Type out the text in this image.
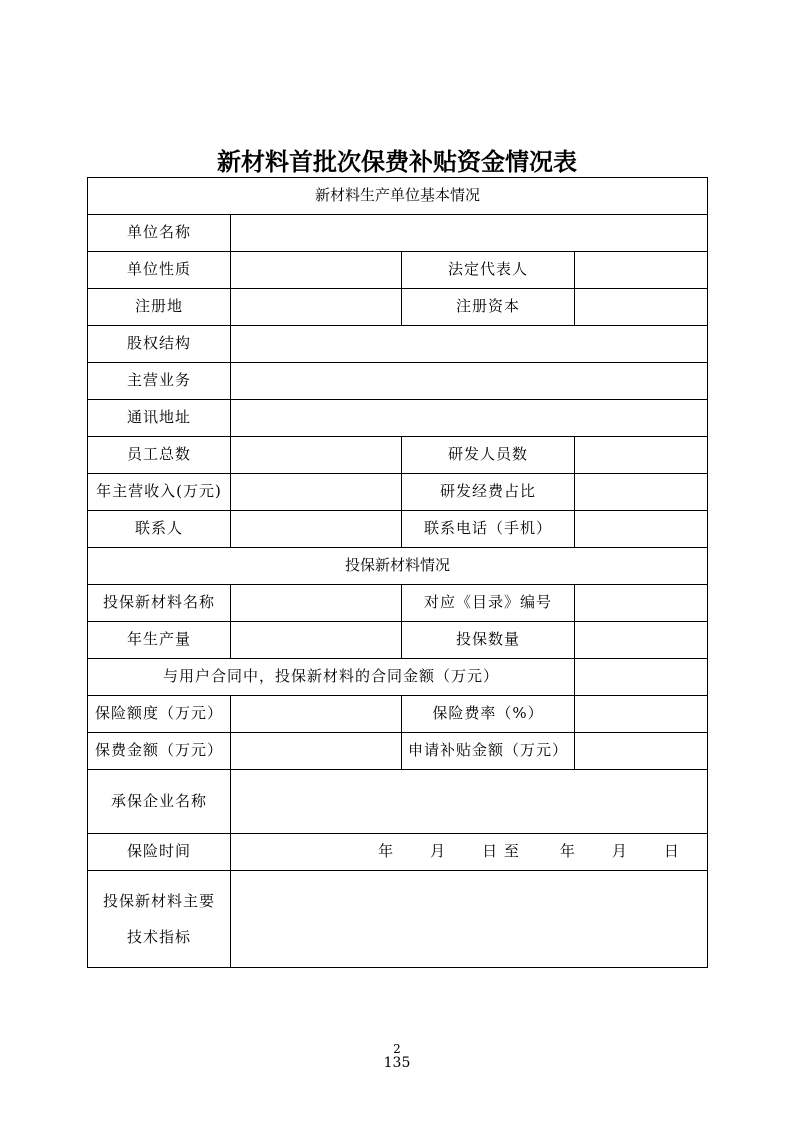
新材料首批次保费补贴资金情况表
新材料生产单位基本情况			
单位名称			
单位性质		法定代表人	
注册地		注册资本	
股权结构			
主营业务			
通讯地址			
员工总数		研发人员数	
年主营收入(万元)		研发经费占比	
联系人		联系电话（手机）	
投保新材料情况			
投保新材料名称		对应《目录》编号	
年生产量		投保数量	
与用户合同中，投保新材料的合同金额（万元）			
保险额度（万元）		保险费率（%）	
保费金额（万元）		申请补贴金额（万元）	
承保企业名称			
保险时间	年 月 日 至 年 月 日		

投保新材料主要
技术指标			

2
135
